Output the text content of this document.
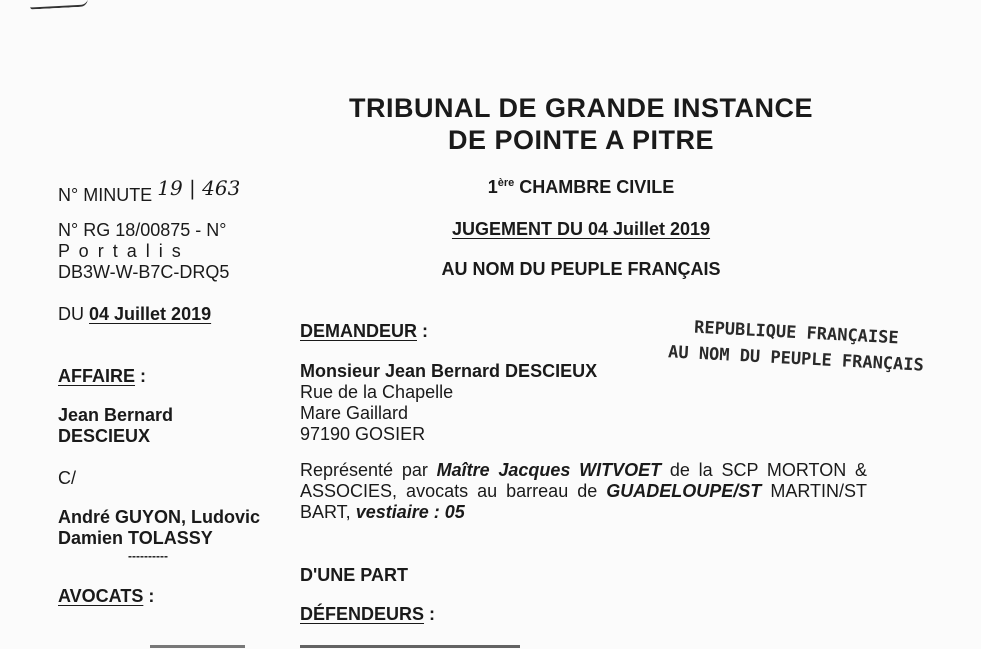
TRIBUNAL DE GRANDE INSTANCE
DE POINTE A PITRE
1ère CHAMBRE CIVILE
JUGEMENT DU 04 Juillet 2019
AU NOM DU PEUPLE FRANÇAIS
N° MINUTE 19 | 463
N° RG 18/00875 - N°
P o r t a l i s
DB3W-W-B7C-DRQ5
DU 04 Juillet 2019
AFFAIRE :
Jean Bernard
DESCIEUX
C/
André GUYON, Ludovic
Damien TOLASSY
----------
AVOCATS :
DEMANDEUR :
Monsieur Jean Bernard DESCIEUX
Rue de la Chapelle
Mare Gaillard
97190 GOSIER
Représenté par Maître Jacques WITVOET de la SCP MORTON & ASSOCIES, avocats au barreau de GUADELOUPE/ST MARTIN/ST BART, vestiaire : 05
D'UNE PART
DÉFENDEURS :
REPUBLIQUE FRANÇAISE
AU NOM DU PEUPLE FRANÇAIS
